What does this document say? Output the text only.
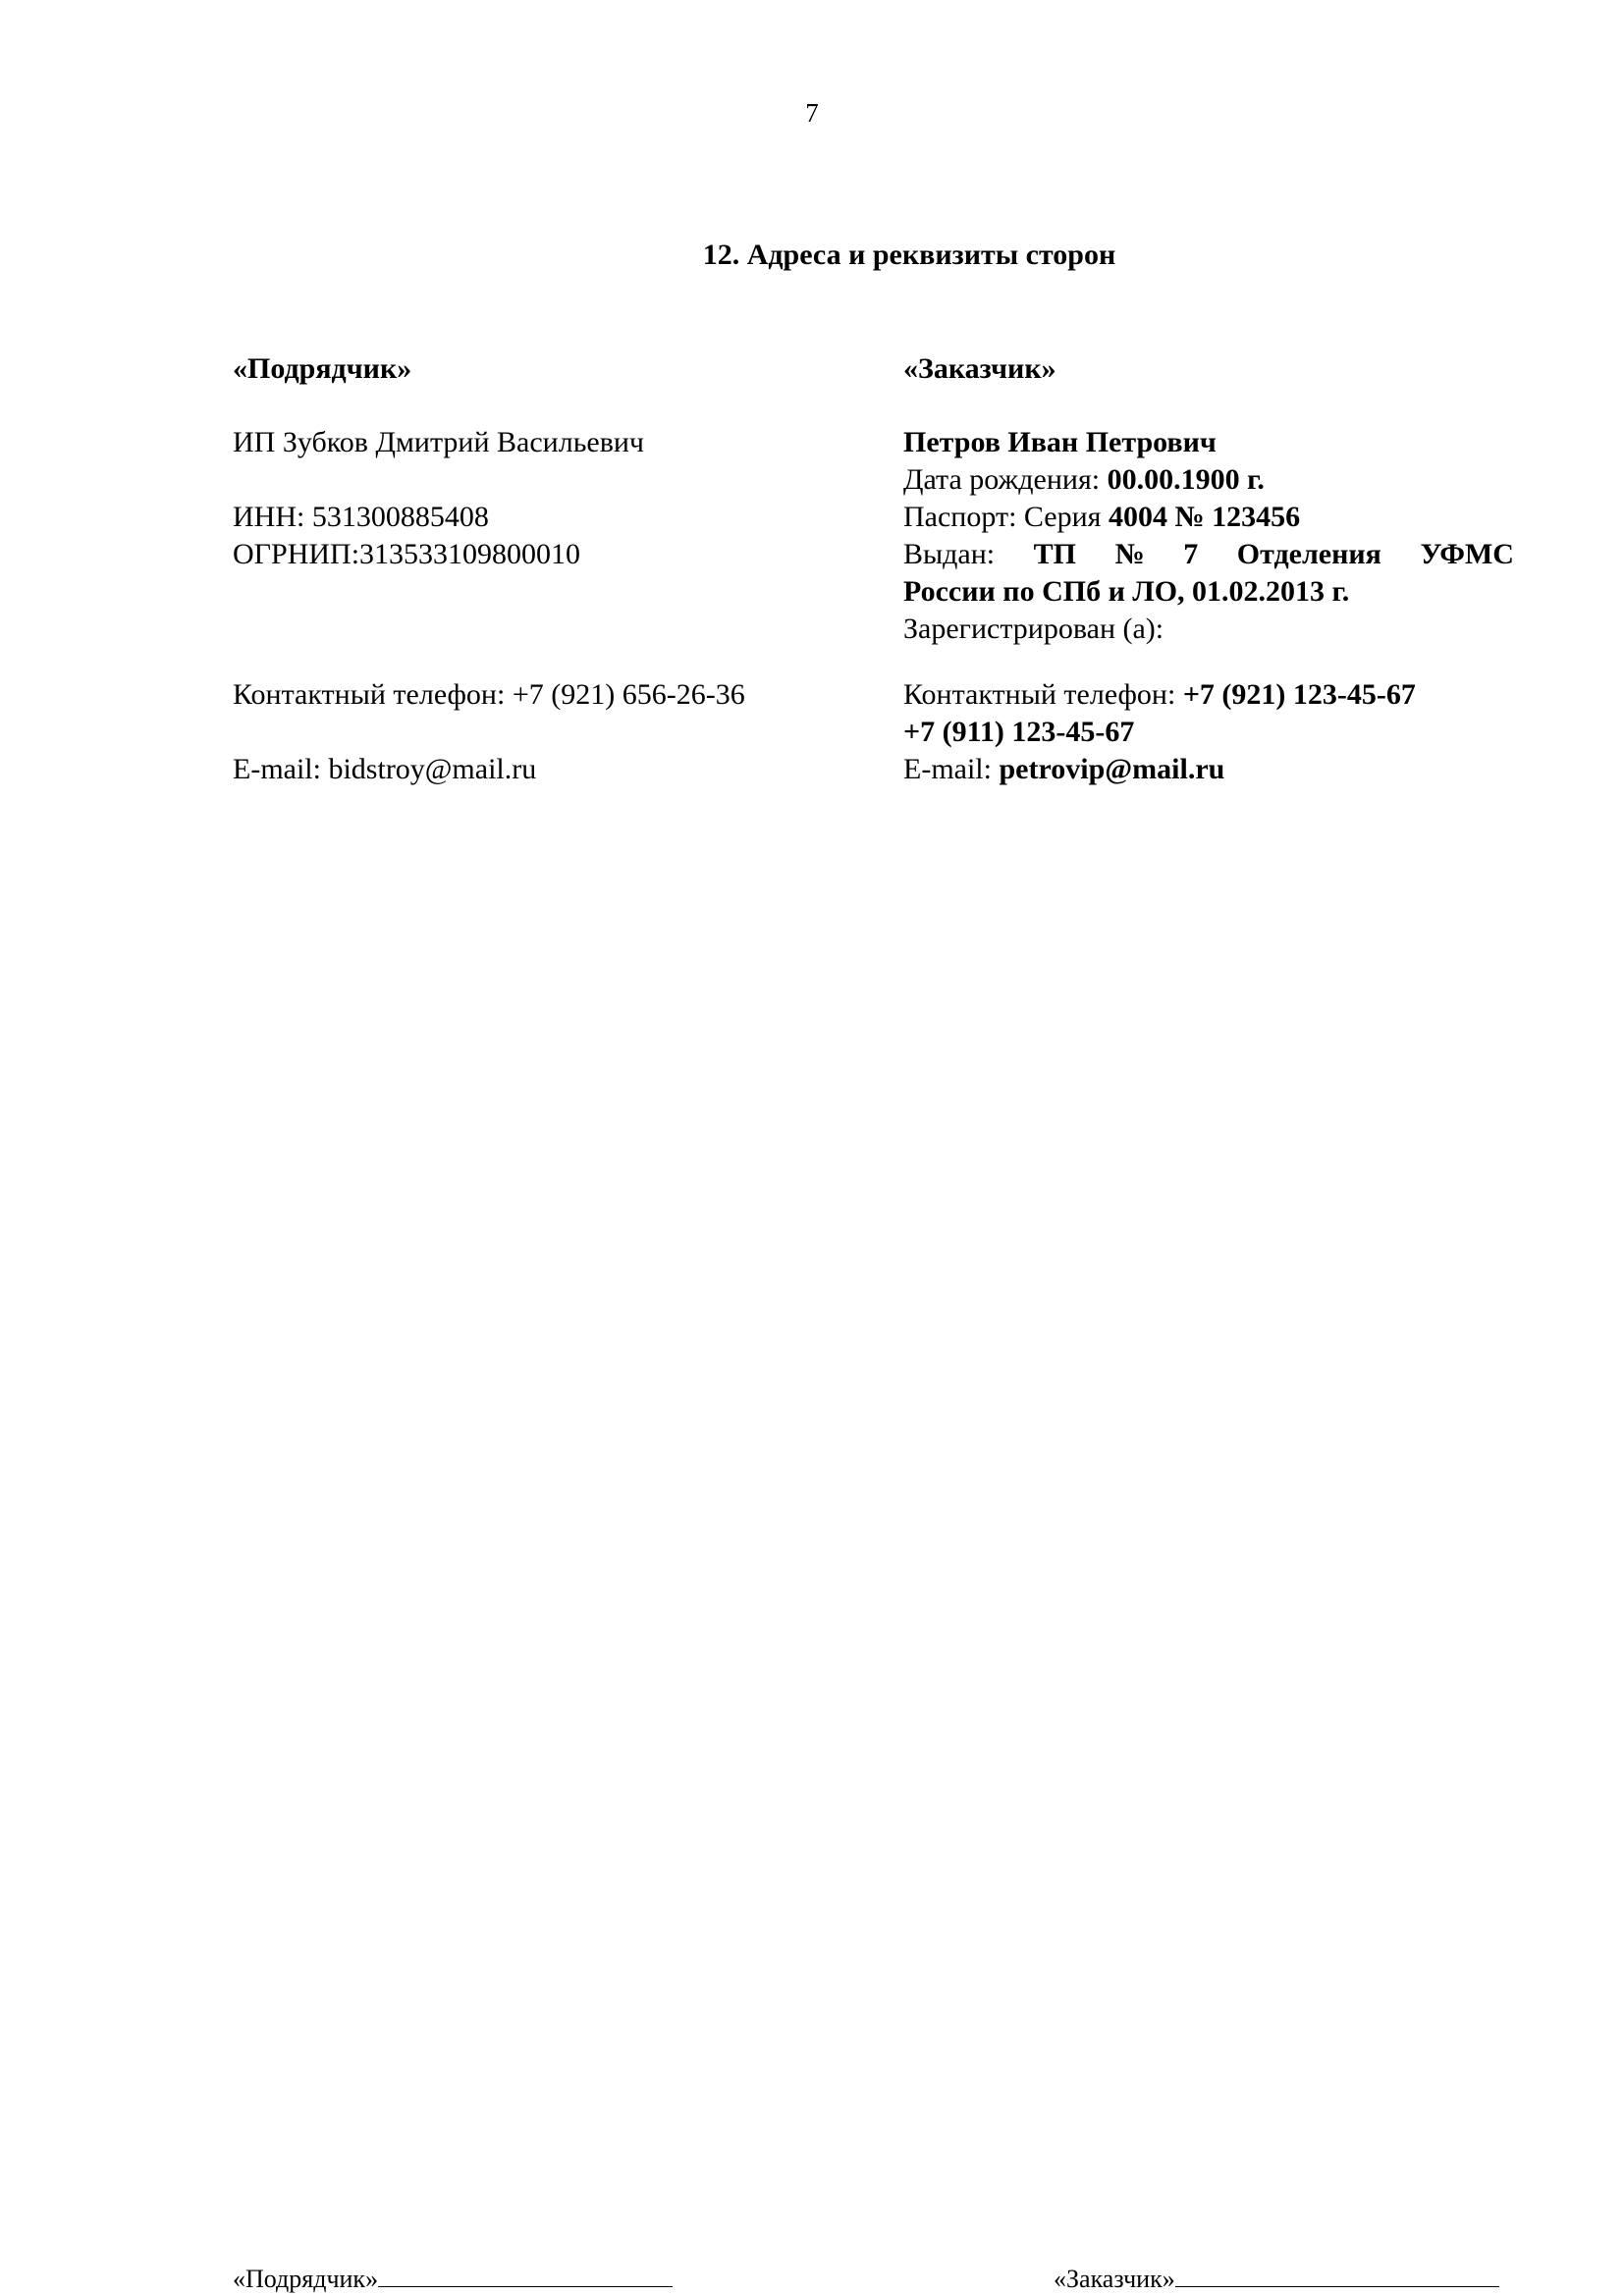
7
12. Адреса и реквизиты сторон
«Подрядчик»
ИП Зубков Дмитрий Васильевич
ИНН: 531300885408
ОГРНИП:313533109800010
Контактный телефон: +7 (921) 656-26-36
E-mail: bidstroy@mail.ru
«Заказчик»
Петров Иван Петрович
Дата рождения: 00.00.1900 г.
Паспорт: Серия 4004 № 123456
Выдан: ТП № 7 Отделения УФМС
России по СПб и ЛО, 01.02.2013 г.
Зарегистрирован (а):
Контактный телефон: +7 (921) 123-45-67
+7 (911) 123-45-67
E-mail: petrovip@mail.ru
«Подрядчик»	«Заказчик»
